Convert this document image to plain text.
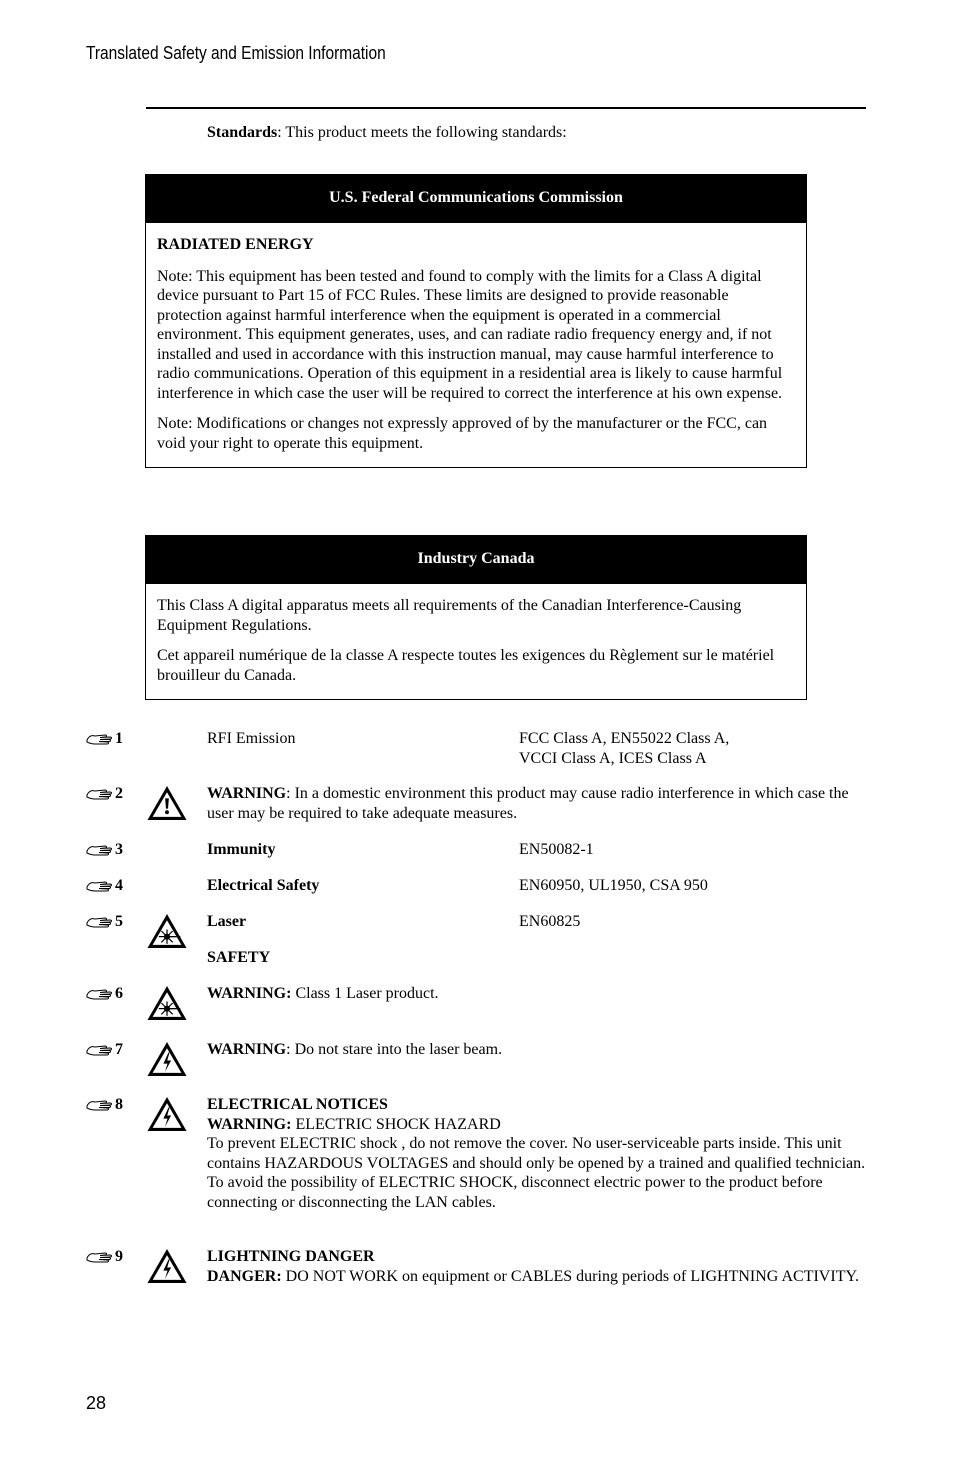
Translated Safety and Emission Information
Standards: This product meets the following standards:
U.S. Federal Communications Commission
RADIATED ENERGY

Note: This equipment has been tested and found to comply with the limits for a Class A digital device pursuant to Part 15 of FCC Rules. These limits are designed to provide reasonable protection against harmful interference when the equipment is operated in a commercial environment. This equipment generates, uses, and can radiate radio frequency energy and, if not installed and used in accordance with this instruction manual, may cause harmful interference to radio communications. Operation of this equipment in a residential area is likely to cause harmful interference in which case the user will be required to correct the interference at his own expense.

Note: Modifications or changes not expressly approved of by the manufacturer or the FCC, can void your right to operate this equipment.

Industry Canada

This Class A digital apparatus meets all requirements of the Canadian Interference-Causing Equipment Regulations.

Cet appareil numérique de la classe A respecte toutes les exigences du Règlement sur le matériel brouilleur du Canada.

1	RFI Emission	FCC Class A, EN55022 Class A,
VCCI Class A, ICES Class A
2	WARNING: In a domestic environment this product may cause radio interference in which case the user may be required to take adequate measures.
3	Immunity	EN50082-1
4	Electrical Safety	EN60950, UL1950, CSA 950
5	Laser	EN60825
SAFETY
6	WARNING: Class 1 Laser product.
7	WARNING: Do not stare into the laser beam.
8	ELECTRICAL NOTICES
WARNING: ELECTRIC SHOCK HAZARD
To prevent ELECTRIC shock , do not remove the cover. No user-serviceable parts inside. This unit contains HAZARDOUS VOLTAGES and should only be opened by a trained and qualified technician. To avoid the possibility of ELECTRIC SHOCK, disconnect electric power to the product before connecting or disconnecting the LAN cables.
9	LIGHTNING DANGER
DANGER: DO NOT WORK on equipment or CABLES during periods of LIGHTNING ACTIVITY.
28
